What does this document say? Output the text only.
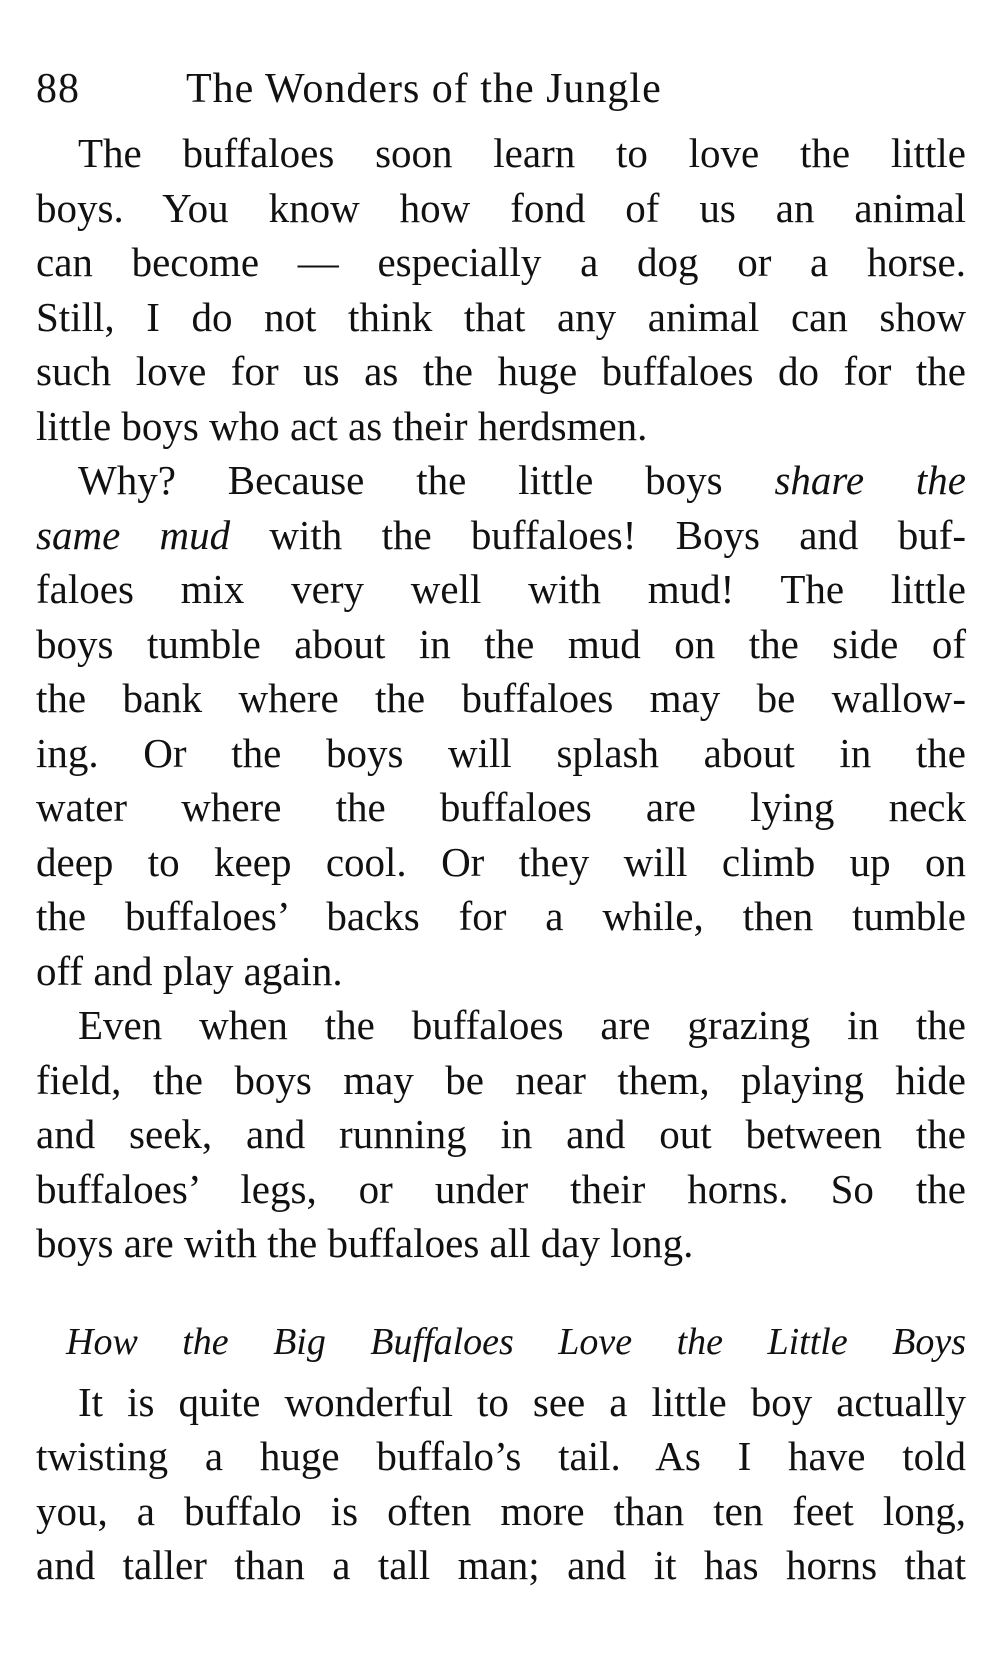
88	The Wonders of the Jungle
The buffaloes soon learn to love the little
boys. You know how fond of us an animal
can become — especially a dog or a horse.
Still, I do not think that any animal can show
such love for us as the huge buffaloes do for the
little boys who act as their herdsmen.
Why? Because the little boys share the
same mud with the buffaloes! Boys and buf-
faloes mix very well with mud! The little
boys tumble about in the mud on the side of
the bank where the buffaloes may be wallow-
ing. Or the boys will splash about in the
water where the buffaloes are lying neck
deep to keep cool. Or they will climb up on
the buffaloes’ backs for a while, then tumble
off and play again.
Even when the buffaloes are grazing in the
field, the boys may be near them, playing hide
and seek, and running in and out between the
buffaloes’ legs, or under their horns. So the
boys are with the buffaloes all day long.
How the Big Buffaloes Love the Little Boys
It is quite wonderful to see a little boy actually
twisting a huge buffalo’s tail. As I have told
you, a buffalo is often more than ten feet long,
and taller than a tall man; and it has horns that
